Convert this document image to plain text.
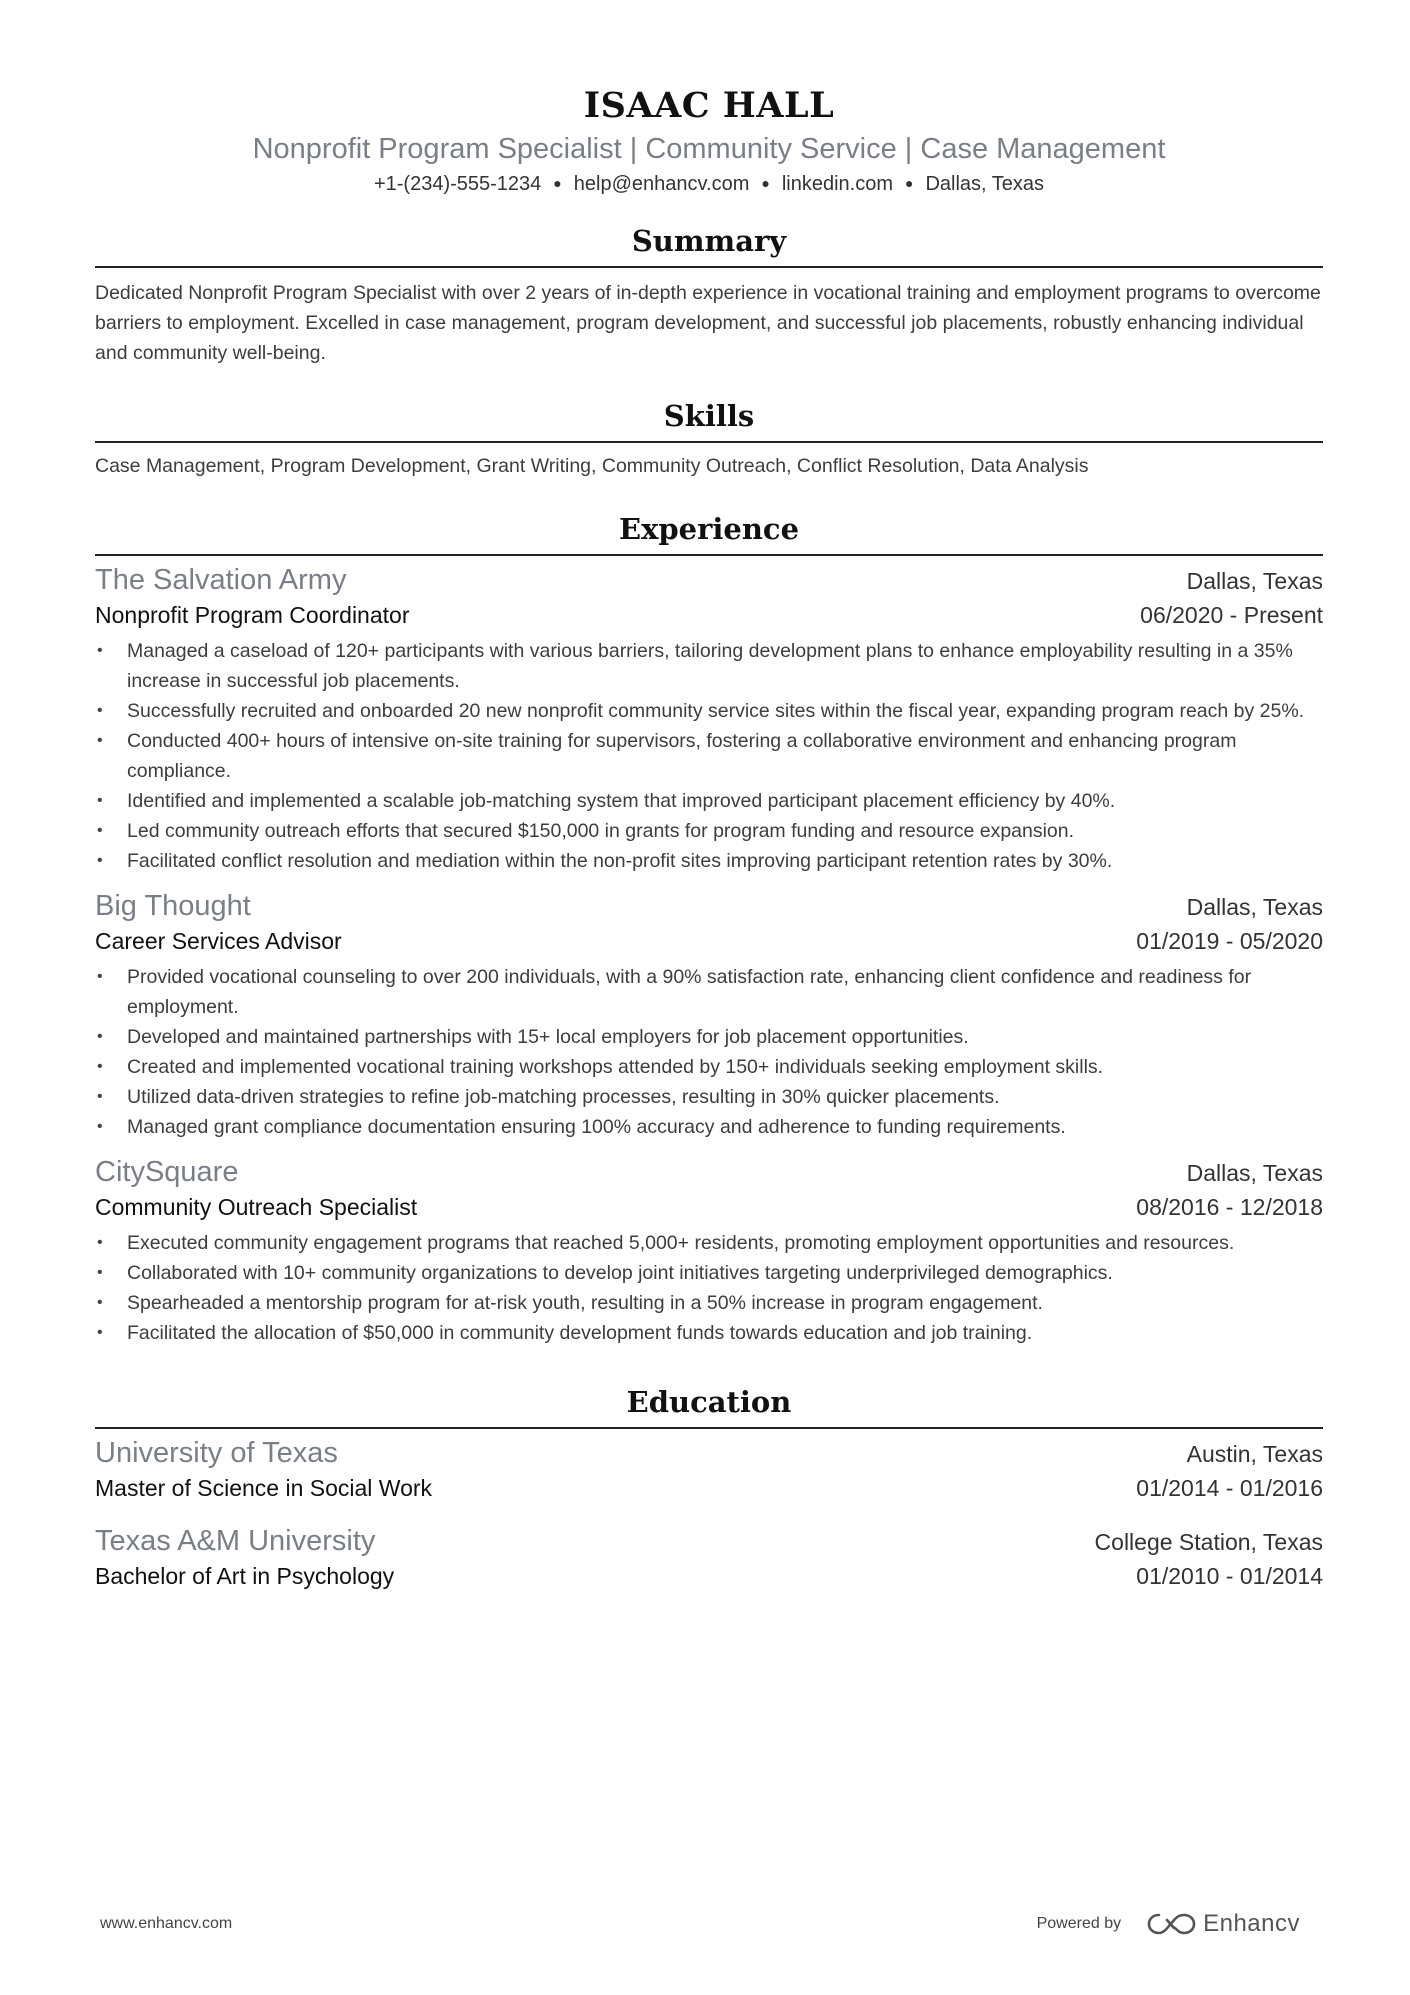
ISAAC HALL
Nonprofit Program Specialist | Community Service | Case Management
+1-(234)-555-1234 ● help@enhancv.com ● linkedin.com ● Dallas, Texas
Summary
Dedicated Nonprofit Program Specialist with over 2 years of in-depth experience in vocational training and employment programs to overcome barriers to employment. Excelled in case management, program development, and successful job placements, robustly enhancing individual and community well-being.
Skills
Case Management, Program Development, Grant Writing, Community Outreach, Conflict Resolution, Data Analysis
Experience
The Salvation Army	Dallas, Texas
Nonprofit Program Coordinator	06/2020 - Present
• Managed a caseload of 120+ participants with various barriers, tailoring development plans to enhance employability resulting in a 35% increase in successful job placements.
• Successfully recruited and onboarded 20 new nonprofit community service sites within the fiscal year, expanding program reach by 25%.
• Conducted 400+ hours of intensive on-site training for supervisors, fostering a collaborative environment and enhancing program compliance.
• Identified and implemented a scalable job-matching system that improved participant placement efficiency by 40%.
• Led community outreach efforts that secured $150,000 in grants for program funding and resource expansion.
• Facilitated conflict resolution and mediation within the non-profit sites improving participant retention rates by 30%.
Big Thought	Dallas, Texas
Career Services Advisor	01/2019 - 05/2020
• Provided vocational counseling to over 200 individuals, with a 90% satisfaction rate, enhancing client confidence and readiness for employment.
• Developed and maintained partnerships with 15+ local employers for job placement opportunities.
• Created and implemented vocational training workshops attended by 150+ individuals seeking employment skills.
• Utilized data-driven strategies to refine job-matching processes, resulting in 30% quicker placements.
• Managed grant compliance documentation ensuring 100% accuracy and adherence to funding requirements.
CitySquare	Dallas, Texas
Community Outreach Specialist	08/2016 - 12/2018
• Executed community engagement programs that reached 5,000+ residents, promoting employment opportunities and resources.
• Collaborated with 10+ community organizations to develop joint initiatives targeting underprivileged demographics.
• Spearheaded a mentorship program for at-risk youth, resulting in a 50% increase in program engagement.
• Facilitated the allocation of $50,000 in community development funds towards education and job training.
Education
University of Texas	Austin, Texas
Master of Science in Social Work	01/2014 - 01/2016
Texas A&M University	College Station, Texas
Bachelor of Art in Psychology	01/2010 - 01/2014
www.enhancv.com	Powered by	Enhancv
